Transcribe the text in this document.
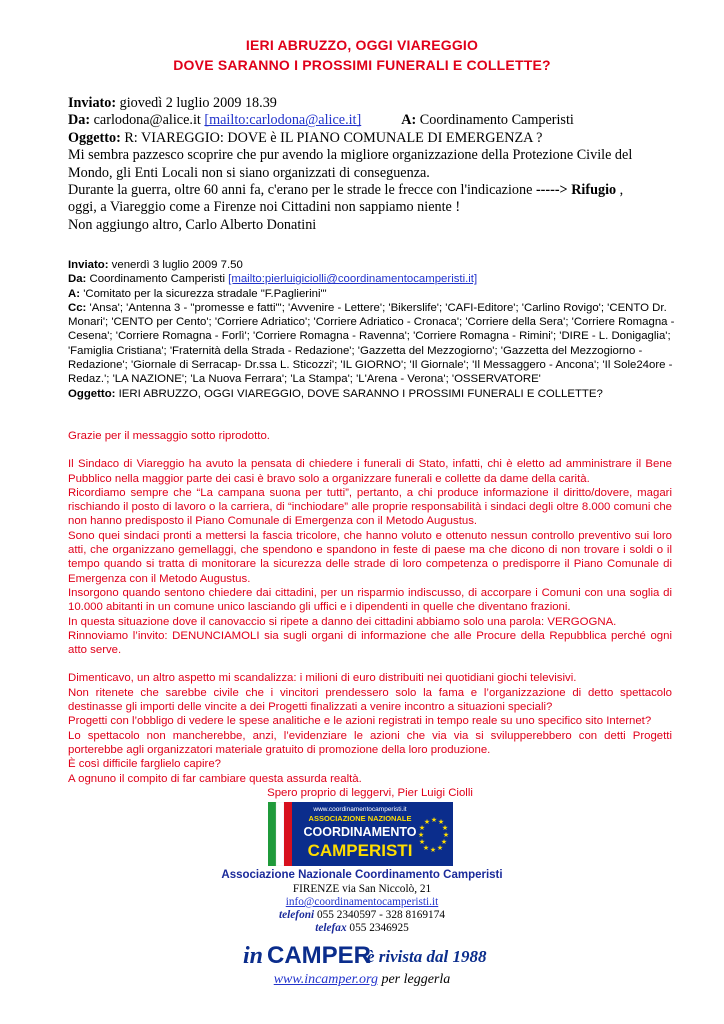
IERI ABRUZZO, OGGI VIAREGGIO
DOVE SARANNO I PROSSIMI FUNERALI E COLLETTE?
Inviato: giovedì 2 luglio 2009 18.39
Da: carlodona@alice.it [mailto:carlodona@alice.it]	A: Coordinamento Camperisti
Oggetto: R: VIAREGGIO: DOVE è IL PIANO COMUNALE DI EMERGENZA ?
Mi sembra pazzesco scoprire che pur avendo la migliore organizzazione della Protezione Civile del Mondo, gli Enti Locali non si siano organizzati di conseguenza.
Durante la guerra, oltre 60 anni fa, c'erano per le strade le frecce con l'indicazione -----> Rifugio ,
oggi, a Viareggio come a Firenze noi Cittadini non sappiamo niente !
Non aggiungo altro, Carlo Alberto Donatini
Inviato: venerdì 3 luglio 2009 7.50
Da: Coordinamento Camperisti [mailto:pierluigiciolli@coordinamentocamperisti.it]
A: 'Comitato per la sicurezza stradale "F.Paglierini"'
Cc: 'Ansa'; 'Antenna 3 - "promesse e fatti"'; 'Avvenire - Lettere'; 'Bikerslife'; 'CAFI-Editore'; 'Carlino Rovigo'; 'CENTO Dr. Monari'; 'CENTO per Cento'; 'Corriere Adriatico'; 'Corriere Adriatico - Cronaca'; 'Corriere della Sera'; 'Corriere Romagna - Cesena'; 'Corriere Romagna - Forlì'; 'Corriere Romagna - Ravenna'; 'Corriere Romagna - Rimini'; 'DIRE - L. Donigaglia'; 'Famiglia Cristiana'; 'Fraternità della Strada - Redazione'; 'Gazzetta del Mezzogiorno'; 'Gazzetta del Mezzogiorno - Redazione'; 'Giornale di Serracap- Dr.ssa L. Sticozzi'; 'IL GIORNO'; 'Il Giornale'; 'Il Messaggero - Ancona'; 'Il Sole24ore - Redaz.'; 'LA NAZIONE'; 'La Nuova Ferrara'; 'La Stampa'; 'L'Arena - Verona'; 'OSSERVATORE'
Oggetto: IERI ABRUZZO, OGGI VIAREGGIO, DOVE SARANNO I PROSSIMI FUNERALI E COLLETTE?

Grazie per il messaggio sotto riprodotto.

Il Sindaco di Viareggio ha avuto la pensata di chiedere i funerali di Stato, infatti, chi è eletto ad amministrare il Bene Pubblico nella maggior parte dei casi è bravo solo a organizzare funerali e collette da dame della carità.

Ricordiamo sempre che “La campana suona per tutti”, pertanto, a chi produce informazione il diritto/dovere, magari rischiando il posto di lavoro o la carriera, di “inchiodare” alle proprie responsabilità i sindaci degli oltre 8.000 comuni che non hanno predisposto il Piano Comunale di Emergenza con il Metodo Augustus.

Sono quei sindaci pronti a mettersi la fascia tricolore, che hanno voluto e ottenuto nessun controllo preventivo sui loro atti, che organizzano gemellaggi, che spendono e spandono in feste di paese ma che dicono di non trovare i soldi o il tempo quando si tratta di monitorare la sicurezza delle strade di loro competenza o predisporre il Piano Comunale di Emergenza con il Metodo Augustus.

Insorgono quando sentono chiedere dai cittadini, per un risparmio indiscusso, di accorpare i Comuni con una soglia di 10.000 abitanti in un comune unico lasciando gli uffici e i dipendenti in quelle che diventano frazioni.

In questa situazione dove il canovaccio si ripete a danno dei cittadini abbiamo solo una parola: VERGOGNA.

Rinnoviamo l’invito: DENUNCIAMOLI sia sugli organi di informazione che alle Procure della Repubblica perché ogni atto serve.

Dimenticavo, un altro aspetto mi scandalizza: i milioni di euro distribuiti nei quotidiani giochi televisivi.

Non ritenete che sarebbe civile che i vincitori prendessero solo la fama e l’organizzazione di detto spettacolo destinasse gli importi delle vincite a dei Progetti finalizzati a venire incontro a situazioni speciali?

Progetti con l’obbligo di vedere le spese analitiche e le azioni registrati in tempo reale su uno specifico sito Internet?

Lo spettacolo non mancherebbe, anzi, l’evidenziare le azioni che via via si svilupperebbero con detti Progetti porterebbe agli organizzatori materiale gratuito di promozione della loro produzione.

È così difficile farglielo capire?

A ognuno il compito di far cambiare questa assurda realtà.

Spero proprio di leggervi, Pier Luigi Ciolli
www.coordinamentocamperisti.it
ASSOCIAZIONE NAZIONALE
COORDINAMENTO
CAMPERISTI
★ ★
★
★
★
★
★
★
★
★
★
★
Associazione Nazionale Coordinamento Camperisti
FIRENZE via San Niccolò, 21
info@coordinamentocamperisti.it
telefoni 055 2340597 - 328 8169174
telefax 055 2346925
in CAMPER
è rivista dal 1988
www.incamper.org per leggerla
